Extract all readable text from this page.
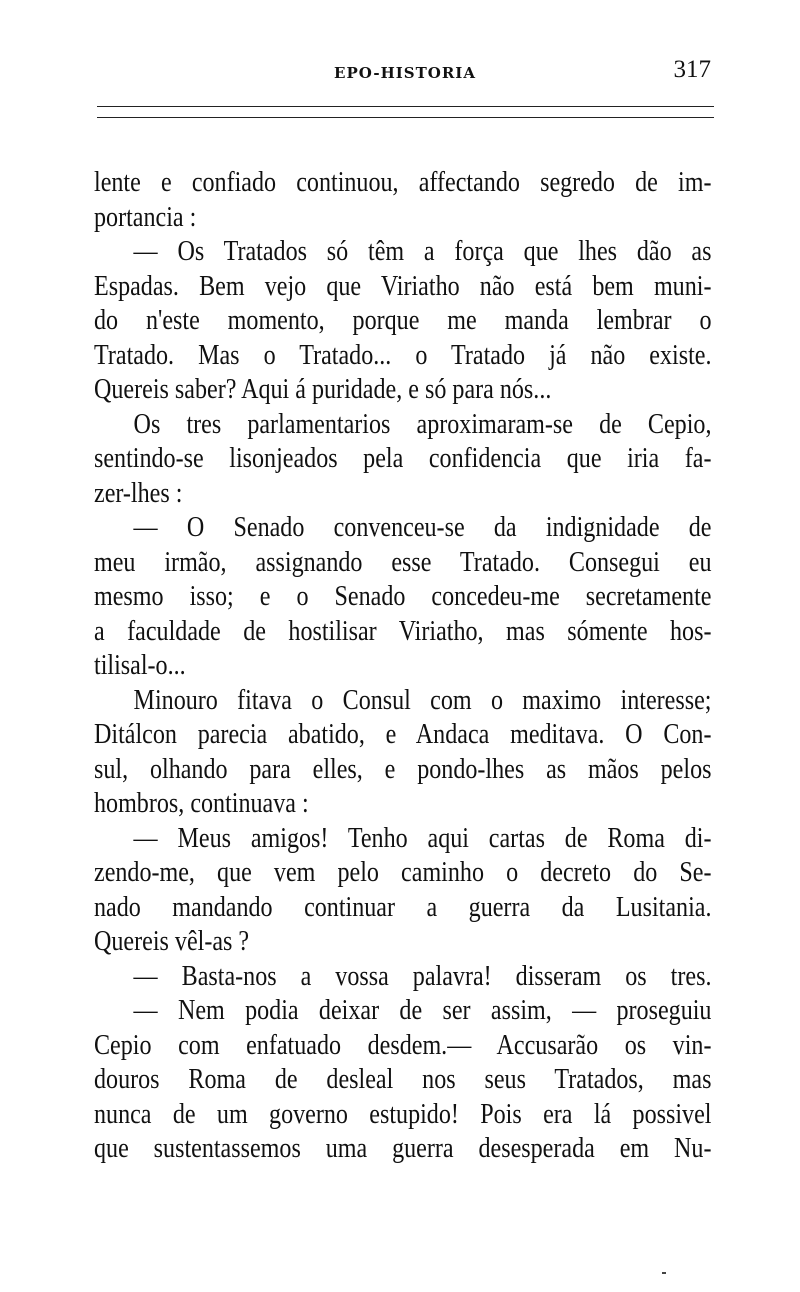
EPO-HISTORIA	317
lente e confiado continuou, affectando segredo de im-
portancia :
— Os Tratados só têm a força que lhes dão as
Espadas. Bem vejo que Viriatho não está bem muni-
do n'este momento, porque me manda lembrar o
Tratado. Mas o Tratado... o Tratado já não existe.
Quereis saber? Aqui á puridade, e só para nós...
Os tres parlamentarios aproximaram-se de Cepio,
sentindo-se lisonjeados pela confidencia que iria fa-
zer-lhes :
— O Senado convenceu-se da indignidade de
meu irmão, assignando esse Tratado. Consegui eu
mesmo isso; e o Senado concedeu-me secretamente
a faculdade de hostilisar Viriatho, mas sómente hos-
tilisal-o...
Minouro fitava o Consul com o maximo interesse;
Ditálcon parecia abatido, e Andaca meditava. O Con-
sul, olhando para elles, e pondo-lhes as mãos pelos
hombros, continuava :
— Meus amigos! Tenho aqui cartas de Roma di-
zendo-me, que vem pelo caminho o decreto do Se-
nado mandando continuar a guerra da Lusitania.
Quereis vêl-as ?
— Basta-nos a vossa palavra! disseram os tres.
— Nem podia deixar de ser assim, — proseguiu
Cepio com enfatuado desdem.— Accusarão os vin-
douros Roma de desleal nos seus Tratados, mas
nunca de um governo estupido! Pois era lá possivel
que sustentassemos uma guerra desesperada em Nu-
